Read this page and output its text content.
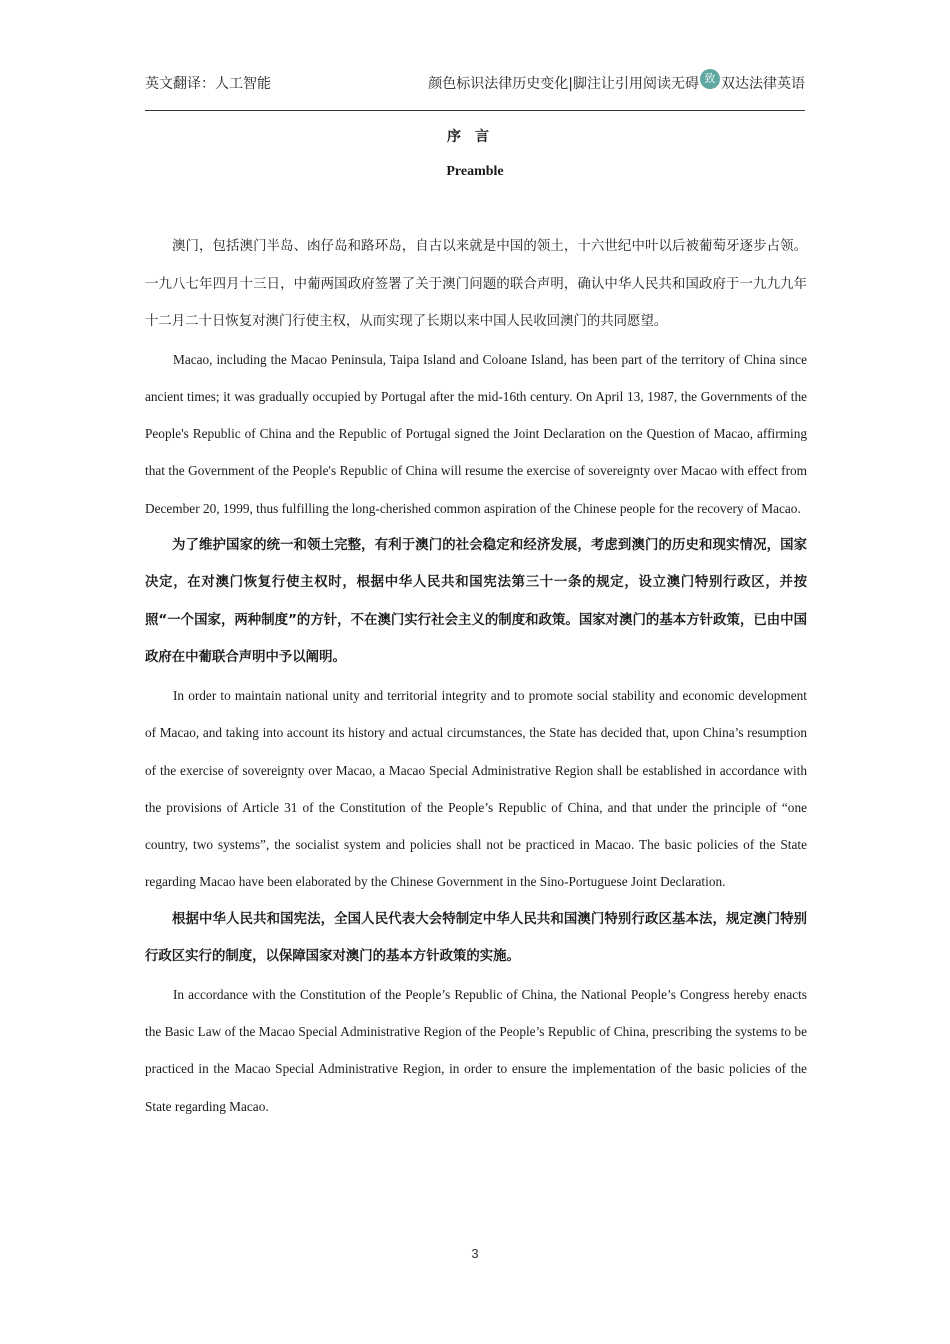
英文翻译：人工智能	颜色标识法律历史变化|脚注让引用阅读无碍 致 双达法律英语
序言
Preamble

澳门，包括澳门半岛、凼仔岛和路环岛，自古以来就是中国的领土，十六世纪中叶以后被葡萄牙逐步占领。一九八七年四月十三日，中葡两国政府签署了关于澳门问题的联合声明，确认中华人民共和国政府于一九九九年十二月二十日恢复对澳门行使主权，从而实现了长期以来中国人民收回澳门的共同愿望。

Macao, including the Macao Peninsula, Taipa Island and Coloane Island, has been part of the territory of China since ancient times; it was gradually occupied by Portugal after the mid-16th century. On April 13, 1987, the Governments of the People's Republic of China and the Republic of Portugal signed the Joint Declaration on the Question of Macao, affirming that the Government of the People's Republic of China will resume the exercise of sovereignty over Macao with effect from December 20, 1999, thus fulfilling the long-cherished common aspiration of the Chinese people for the recovery of Macao.

为了维护国家的统一和领土完整，有利于澳门的社会稳定和经济发展，考虑到澳门的历史和现实情况，国家决定，在对澳门恢复行使主权时，根据中华人民共和国宪法第三十一条的规定，设立澳门特别行政区，并按照“一个国家，两种制度”的方针，不在澳门实行社会主义的制度和政策。国家对澳门的基本方针政策，已由中国政府在中葡联合声明中予以阐明。

In order to maintain national unity and territorial integrity and to promote social stability and economic development of Macao, and taking into account its history and actual circumstances, the State has decided that, upon China’s resumption of the exercise of sovereignty over Macao, a Macao Special Administrative Region shall be established in accordance with the provisions of Article 31 of the Constitution of the People’s Republic of China, and that under the principle of “one country, two systems”, the socialist system and policies shall not be practiced in Macao. The basic policies of the State regarding Macao have been elaborated by the Chinese Government in the Sino-Portuguese Joint Declaration.

根据中华人民共和国宪法，全国人民代表大会特制定中华人民共和国澳门特别行政区基本法，规定澳门特别行政区实行的制度，以保障国家对澳门的基本方针政策的实施。

In accordance with the Constitution of the People’s Republic of China, the National People’s Congress hereby enacts the Basic Law of the Macao Special Administrative Region of the People’s Republic of China, prescribing the systems to be practiced in the Macao Special Administrative Region, in order to ensure the implementation of the basic policies of the State regarding Macao.

3
